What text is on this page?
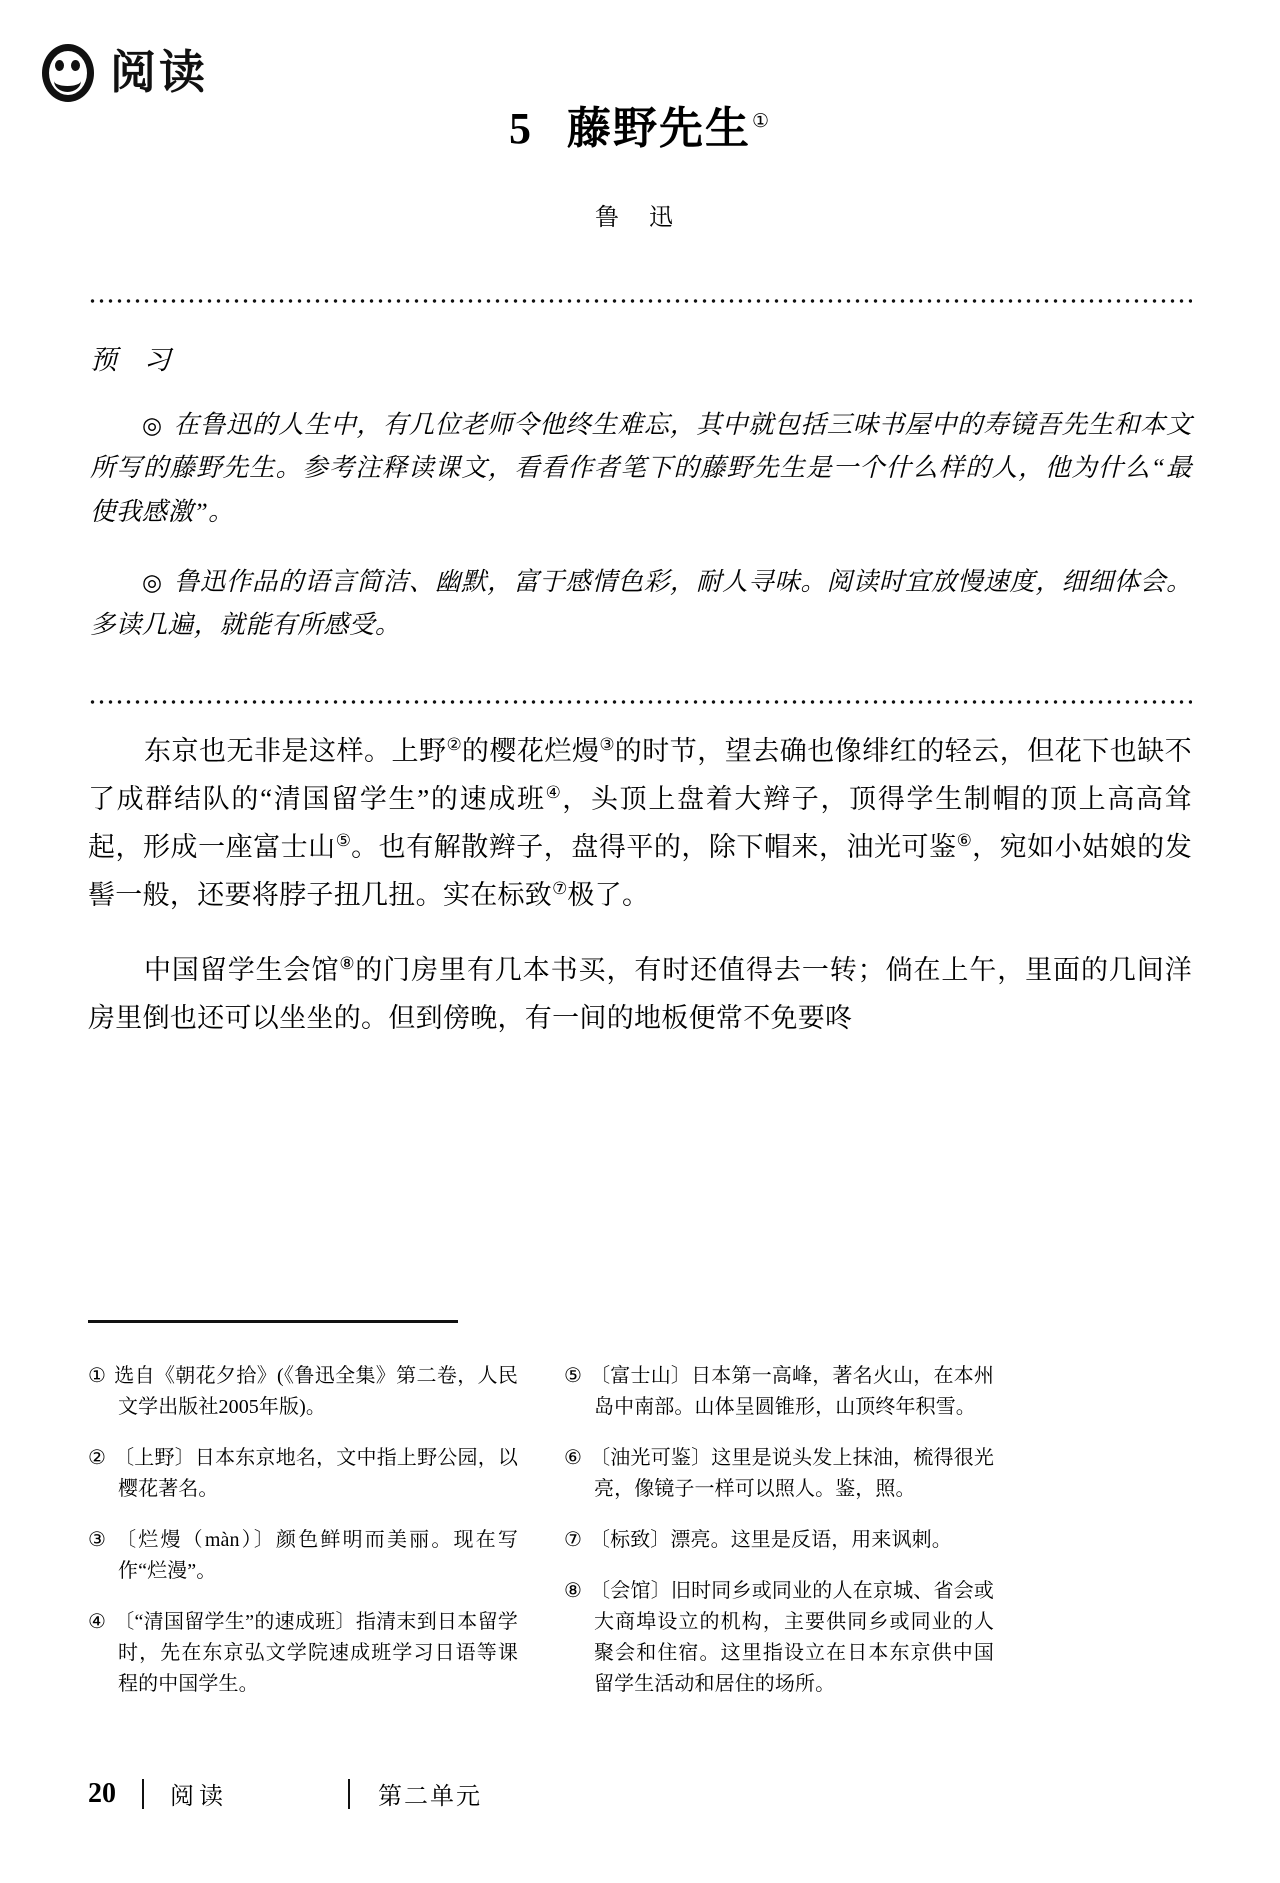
阅读
5 藤野先生①
鲁 迅
预 习

◎ 在鲁迅的人生中，有几位老师令他终生难忘，其中就包括三味书屋中的寿镜吾先生和本文所写的藤野先生。参考注释读课文，看看作者笔下的藤野先生是一个什么样的人，他为什么“最使我感激”。

◎ 鲁迅作品的语言简洁、幽默，富于感情色彩，耐人寻味。阅读时宜放慢速度，细细体会。多读几遍，就能有所感受。

东京也无非是这样。上野②的樱花烂熳③的时节，望去确也像绯红的轻云，但花下也缺不了成群结队的“清国留学生”的速成班④，头顶上盘着大辫子，顶得学生制帽的顶上高高耸起，形成一座富士山⑤。也有解散辫子，盘得平的，除下帽来，油光可鉴⑥，宛如小姑娘的发髻一般，还要将脖子扭几扭。实在标致⑦极了。

中国留学生会馆⑧的门房里有几本书买，有时还值得去一转；倘在上午，里面的几间洋房里倒也还可以坐坐的。但到傍晚，有一间的地板便常不免要咚

① 选自《朝花夕拾》(《鲁迅全集》第二卷，人民文学出版社2005年版)。

② 〔上野〕日本东京地名，文中指上野公园，以樱花著名。

③ 〔烂熳（màn）〕颜色鲜明而美丽。现在写作“烂漫”。

④ 〔“清国留学生”的速成班〕指清末到日本留学时，先在东京弘文学院速成班学习日语等课程的中国学生。

⑤ 〔富士山〕日本第一高峰，著名火山，在本州岛中南部。山体呈圆锥形，山顶终年积雪。

⑥ 〔油光可鉴〕这里是说头发上抹油，梳得很光亮，像镜子一样可以照人。鉴，照。

⑦ 〔标致〕漂亮。这里是反语，用来讽刺。

⑧ 〔会馆〕旧时同乡或同业的人在京城、省会或大商埠设立的机构，主要供同乡或同业的人聚会和住宿。这里指设立在日本东京供中国留学生活动和居住的场所。

20 阅读	第二单元
